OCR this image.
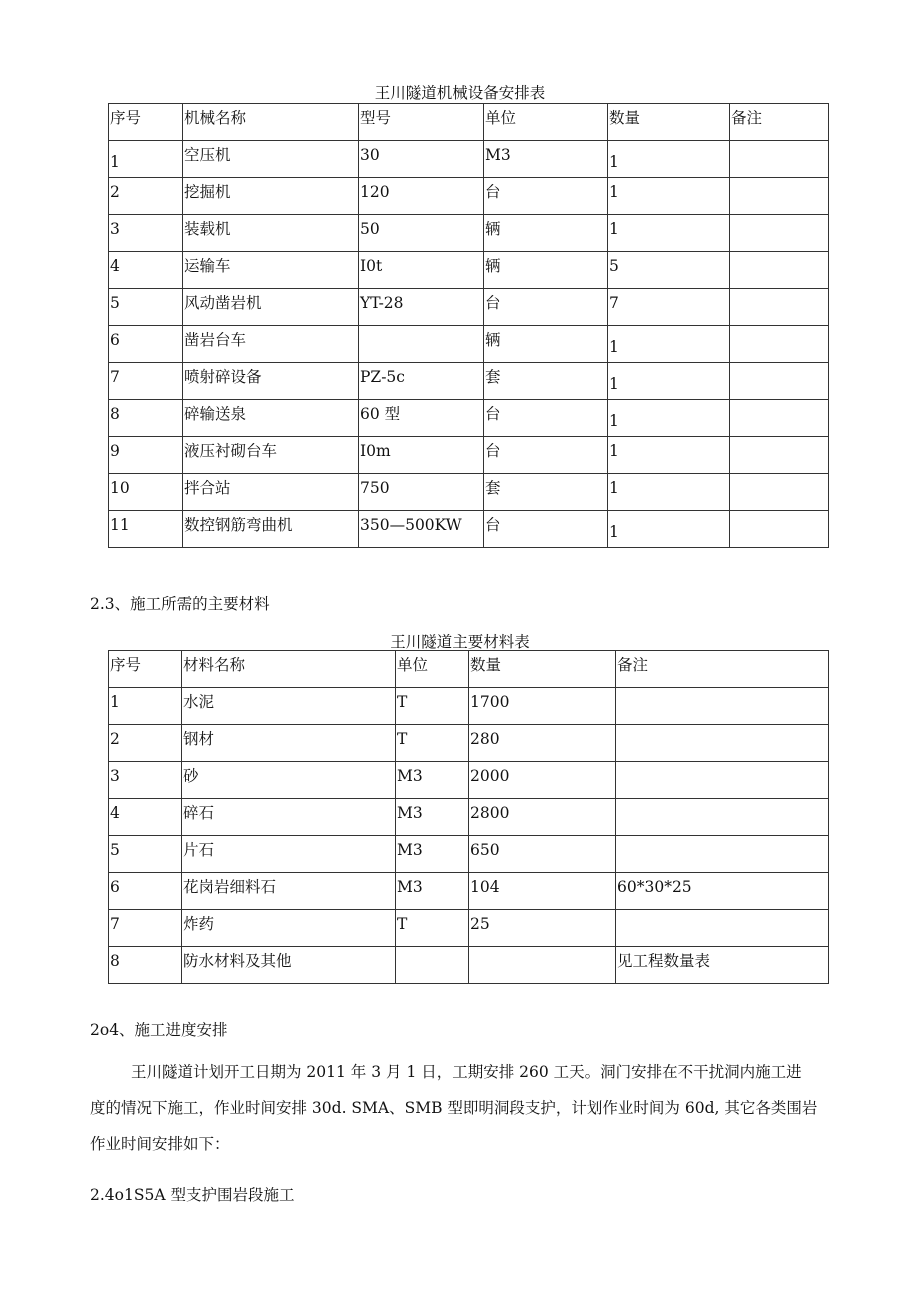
王川隧道机械设备安排表
序号	机械名称	型号	单位	数量	备注
1	空压机	30	M3	1	
2	挖掘机	120	台	1	
3	装载机	50	辆	1	
4	运输车	I0t	辆	5	
5	风动凿岩机	YT-28	台	7	
6	凿岩台车		辆	1	
7	喷射碎设备	PZ-5c	套	1	
8	碎输送泉	60 型	台	1	
9	液压衬砌台车	I0m	台	1	
10	拌合站	750	套	1	
11	数控钢筋弯曲机	350—500KW	台	1	
2.3、施工所需的主要材料
王川隧道主要材料表
序号	材料名称	单位	数量	备注
1	水泥	T	1700	
2	钢材	T	280	
3	砂	M3	2000	
4	碎石	M3	2800	
5	片石	M3	650	
6	花岗岩细料石	M3	104	60*30*25
7	炸药	T	25	
8	防水材料及其他			见工程数量表
2o4、施工进度安排

王川隧道计划开工日期为 2011 年 3 月 1 日，工期安排 260 工天。洞门安排在不干扰洞内施工进

度的情况下施工，作业时间安排 30d. SMA、SMB 型即明洞段支护，计划作业时间为 60d, 其它各类围岩

作业时间安排如下：

2.4o1S5A 型支护围岩段施工
